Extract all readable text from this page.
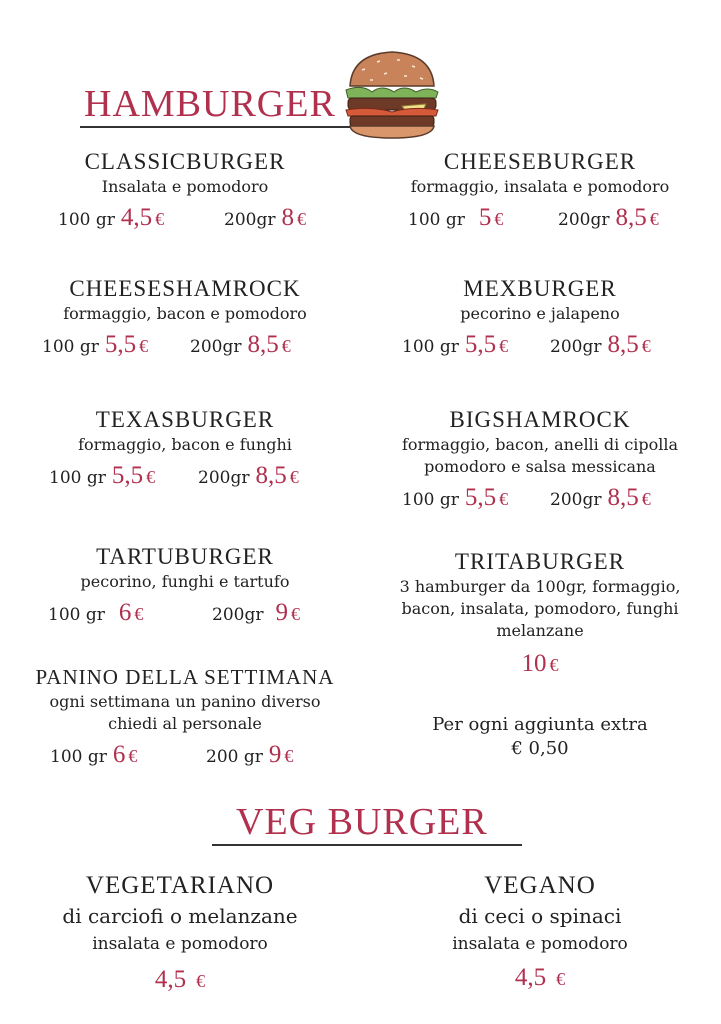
HAMBURGER
CLASSICBURGER
Insalata e pomodoro
100 gr 4,5 €	200gr 8 €
CHEESESHAMROCK
formaggio, bacon e pomodoro
100 gr 5,5 € 200gr 8,5 €
TEXASBURGER
formaggio, bacon e funghi
100 gr 5,5 €	200gr 8,5 €
TARTUBURGER
pecorino, funghi e tartufo
100 gr 6 €	200gr 9 €
PANINO DELLA SETTIMANA
ogni settimana un panino diverso
chiedi al personale
100 gr 6 €	200 gr 9 €
CHEESEBURGER
formaggio, insalata e pomodoro
100 gr 5 €	200gr 8,5 €
MEXBURGER
pecorino e jalapeno
100 gr 5,5 € 200gr 8,5 €
BIGSHAMROCK
formaggio, bacon, anelli di cipolla
pomodoro e salsa messicana
100 gr 5,5 € 200gr 8,5 €
TRITABURGER
3 hamburger da 100gr, formaggio,
bacon, insalata, pomodoro, funghi
melanzane
10 €
Per ogni aggiunta extra
€ 0,50
VEG BURGER
VEGETARIANO
di carciofi o melanzane
insalata e pomodoro
4,5 €
VEGANO
di ceci o spinaci
insalata e pomodoro
4,5 €
